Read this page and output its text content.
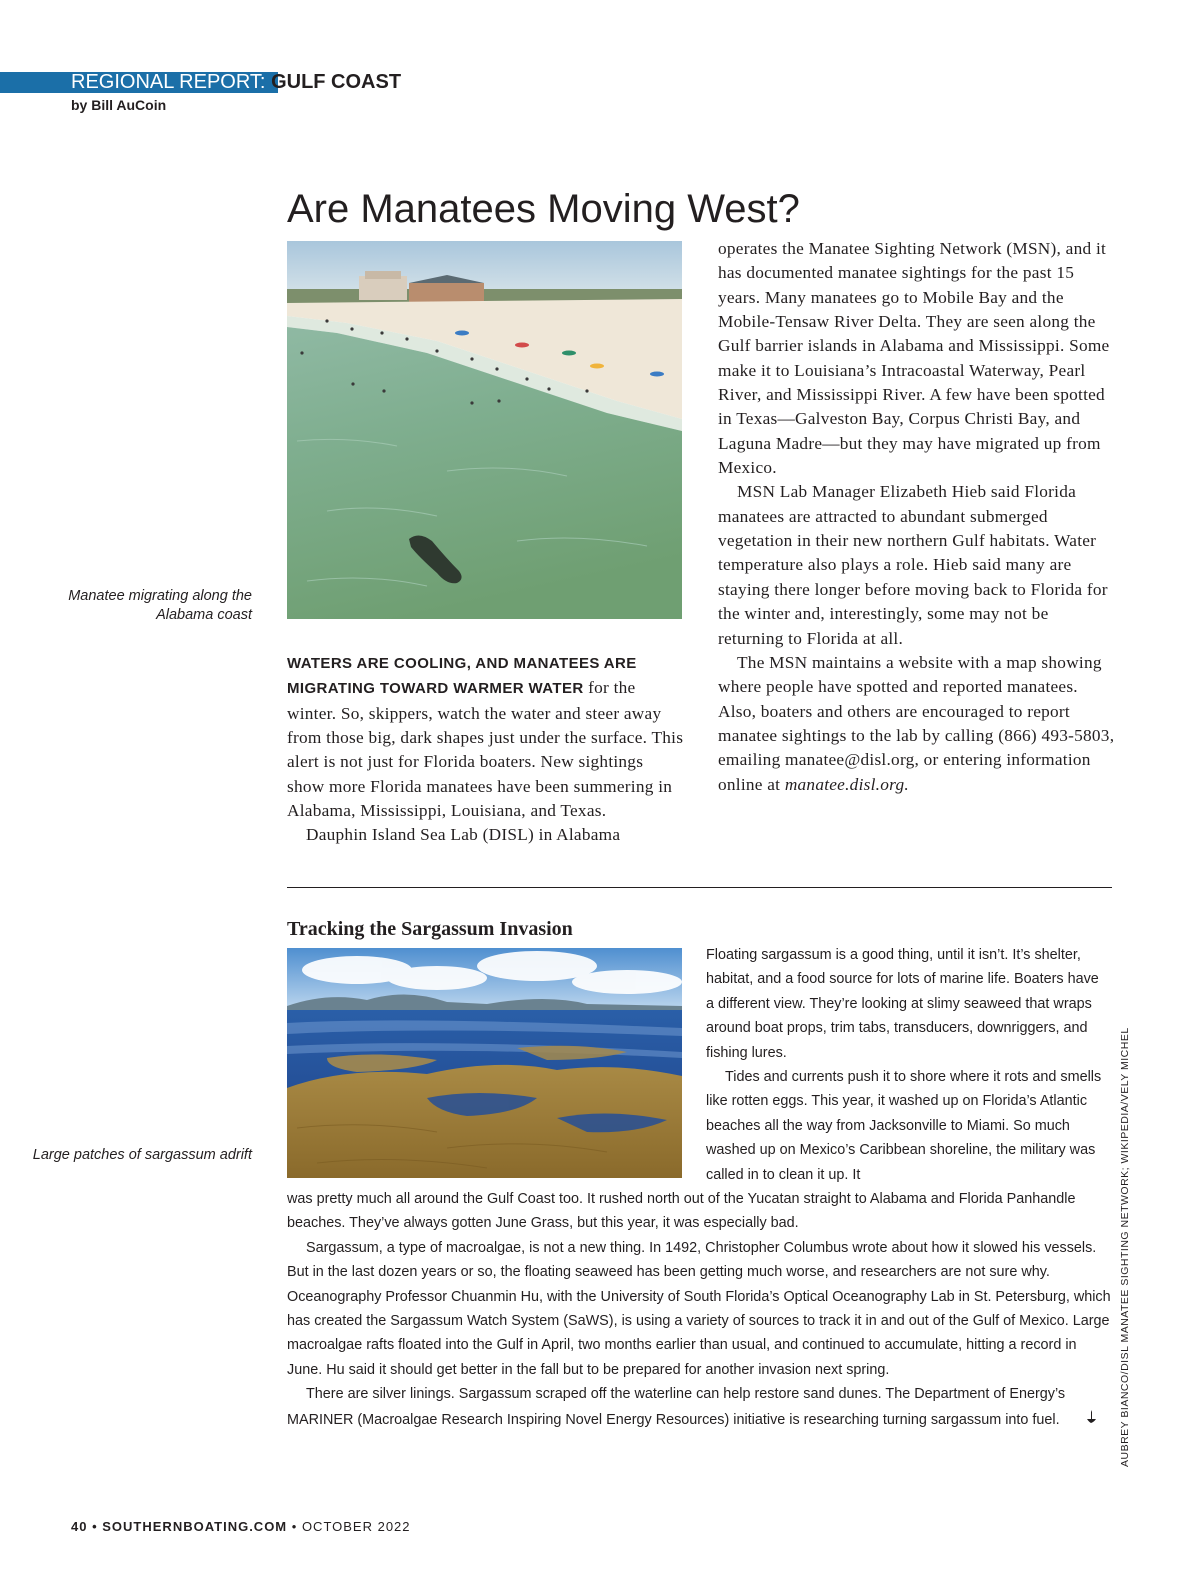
REGIONAL REPORT: GULF COAST
by Bill AuCoin
Are Manatees Moving West?
Manatee migrating along the Alabama coast

WATERS ARE COOLING, AND MANATEES ARE MIGRATING TOWARD WARMER WATER for the winter. So, skippers, watch the water and steer away from those big, dark shapes just under the surface. This alert is not just for Florida boaters. New sightings show more Florida manatees have been summering in Alabama, Mississippi, Louisiana, and Texas.

Dauphin Island Sea Lab (DISL) in Alabama

operates the Manatee Sighting Network (MSN), and it has documented manatee sightings for the past 15 years. Many manatees go to Mobile Bay and the Mobile-Tensaw River Delta. They are seen along the Gulf barrier islands in Alabama and Mississippi. Some make it to Louisiana’s Intracoastal Waterway, Pearl River, and Mississippi River. A few have been spotted in Texas—Galveston Bay, Corpus Christi Bay, and Laguna Madre—but they may have migrated up from Mexico.

MSN Lab Manager Elizabeth Hieb said Florida manatees are attracted to abundant submerged vegetation in their new northern Gulf habitats. Water temperature also plays a role. Hieb said many are staying there longer before moving back to Florida for the winter and, interestingly, some may not be returning to Florida at all.

The MSN maintains a website with a map showing where people have spotted and reported manatees. Also, boaters and others are encouraged to report manatee sightings to the lab by calling (866) 493-5803, emailing manatee@disl.org, or entering information online at manatee.disl.org.

Tracking the Sargassum Invasion
Large patches of sargassum adrift

Floating sargassum is a good thing, until it isn’t. It’s shelter, habitat, and a food source for lots of marine life. Boaters have a different view. They’re looking at slimy seaweed that wraps around boat props, trim tabs, transducers, downriggers, and fishing lures.

Tides and currents push it to shore where it rots and smells like rotten eggs. This year, it washed up on Florida’s Atlantic beaches all the way from Jacksonville to Miami. So much washed up on Mexico’s Caribbean shoreline, the military was called in to clean it up. It

was pretty much all around the Gulf Coast too. It rushed north out of the Yucatan straight to Alabama and Florida Panhandle beaches. They’ve always gotten June Grass, but this year, it was especially bad.

Sargassum, a type of macroalgae, is not a new thing. In 1492, Christopher Columbus wrote about how it slowed his vessels. But in the last dozen years or so, the floating seaweed has been getting much worse, and researchers are not sure why. Oceanography Professor Chuanmin Hu, with the University of South Florida’s Optical Oceanography Lab in St. Petersburg, which has created the Sargassum Watch System (SaWS), is using a variety of sources to track it in and out of the Gulf of Mexico. Large macroalgae rafts floated into the Gulf in April, two months earlier than usual, and continued to accumulate, hitting a record in June. Hu said it should get better in the fall but to be prepared for another invasion next spring.

There are silver linings. Sargassum scraped off the waterline can help restore sand dunes. The Department of Energy’s MARINER (Macroalgae Research Inspiring Novel Energy Resources) initiative is researching turning sargassum into fuel.	AUBREY BIANCO/DISL MANATEE SIGHTING NETWORK; WIKIPEDIA/VELY MICHEL
40 • SOUTHERNBOATING.COM • OCTOBER 2022
